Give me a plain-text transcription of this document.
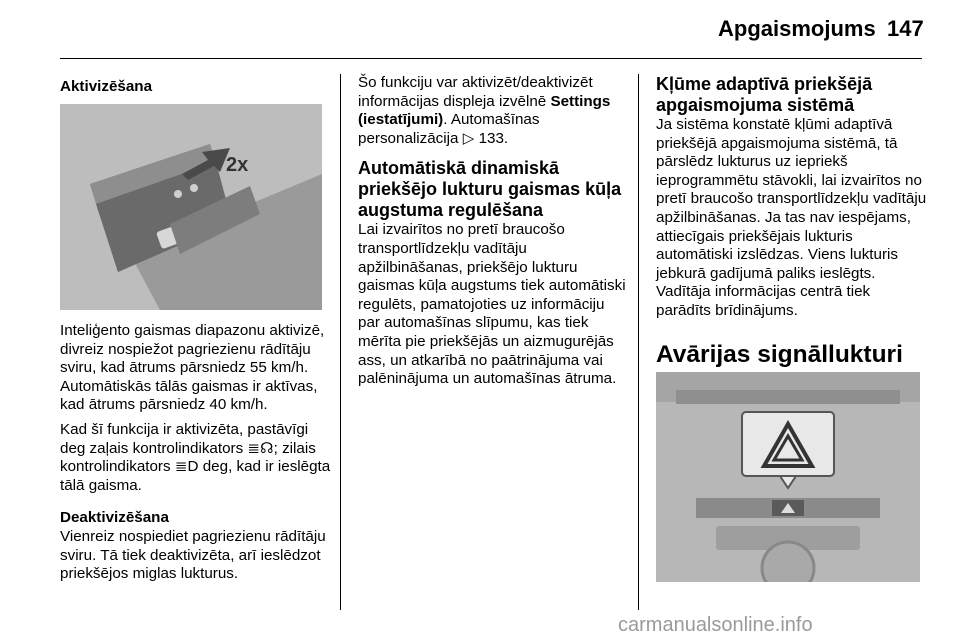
Apgaismojums 147

Aktivizēšana

2x

Inteliģento gaismas diapazonu aktivizē, divreiz nospiežot pagriezienu rādītāju sviru, kad ātrums pārsniedz 55 km/h. Automātiskās tālās gaismas ir aktīvas, kad ātrums pārsniedz 40 km/h.

Kad šī funkcija ir aktivizēta, pastāvīgi deg zaļais kontrolindikators ≣☊; zilais kontrolindikators ≣D deg, kad ir ieslēgta tālā gaisma.

Deaktivizēšana

Vienreiz nospiediet pagriezienu rādītāju sviru. Tā tiek deaktivizēta, arī ieslēdzot priekšējos miglas lukturus.

Šo funkciju var aktivizēt/deaktivizēt informācijas displeja izvēlnē Settings (iestatījumi). Automašīnas personalizācija ▷ 133.

Automātiskā dinamiskā priekšējo lukturu gaismas kūļa augstuma regulēšana

Lai izvairītos no pretī braucošo transportlīdzekļu vadītāju apžilbināšanas, priekšējo lukturu gaismas kūļa augstums tiek automātiski regulēts, pamatojoties uz informāciju par automašīnas slīpumu, kas tiek mērīta pie priekšējās un aizmugurējās ass, un atkarībā no paātrinājuma vai palēninājuma un automašīnas ātruma.

Kļūme adaptīvā priekšējā apgaismojuma sistēmā

Ja sistēma konstatē kļūmi adaptīvā priekšējā apgaismojuma sistēmā, tā pārslēdz lukturus uz iepriekš ieprogrammētu stāvokli, lai izvairītos no pretī braucošo transportlīdzekļu vadītāju apžilbināšanas. Ja tas nav iespējams, attiecīgais priekšējais lukturis automātiski izslēdzas. Viens lukturis jebkurā gadījumā paliks ieslēgts. Vadītāja informācijas centrā tiek parādīts brīdinājums.

Avārijas signāllukturi

carmanualsonline.info
